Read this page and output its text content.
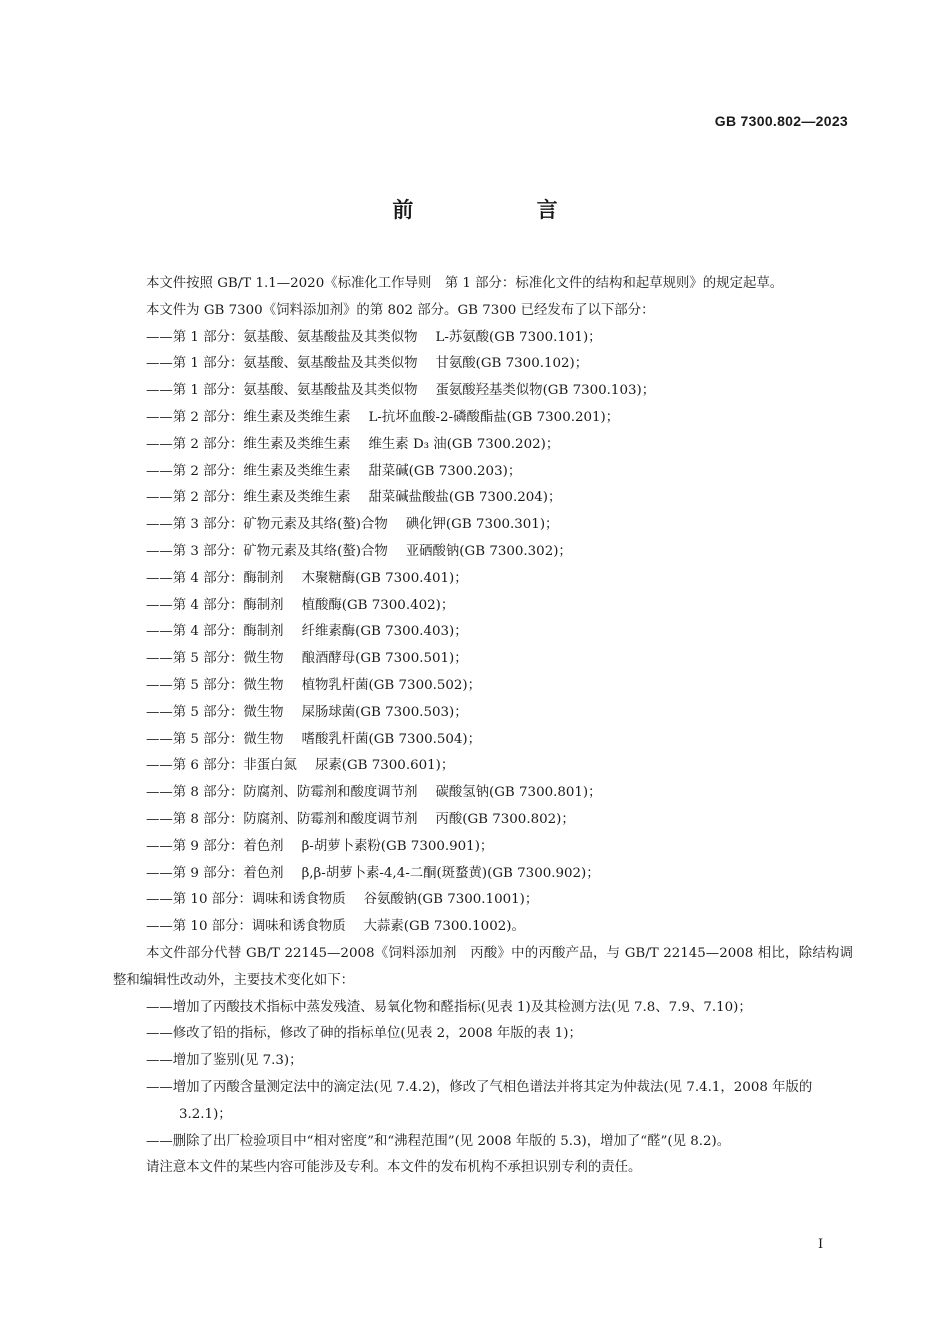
GB 7300.802—2023
前 言

本文件按照 GB/T 1.1—2020《标准化工作导则　第 1 部分：标准化文件的结构和起草规则》的规定起草。

本文件为 GB 7300《饲料添加剂》的第 802 部分。GB 7300 已经发布了以下部分：

——第 1 部分：氨基酸、氨基酸盐及其类似物 L-苏氨酸(GB 7300.101)；

——第 1 部分：氨基酸、氨基酸盐及其类似物 甘氨酸(GB 7300.102)；

——第 1 部分：氨基酸、氨基酸盐及其类似物 蛋氨酸羟基类似物(GB 7300.103)；

——第 2 部分：维生素及类维生素 L-抗坏血酸-2-磷酸酯盐(GB 7300.201)；

——第 2 部分：维生素及类维生素 维生素 D₃ 油(GB 7300.202)；

——第 2 部分：维生素及类维生素 甜菜碱(GB 7300.203)；

——第 2 部分：维生素及类维生素 甜菜碱盐酸盐(GB 7300.204)；

——第 3 部分：矿物元素及其络(螯)合物 碘化钾(GB 7300.301)；

——第 3 部分：矿物元素及其络(螯)合物 亚硒酸钠(GB 7300.302)；

——第 4 部分：酶制剂 木聚糖酶(GB 7300.401)；

——第 4 部分：酶制剂 植酸酶(GB 7300.402)；

——第 4 部分：酶制剂 纤维素酶(GB 7300.403)；

——第 5 部分：微生物 酿酒酵母(GB 7300.501)；

——第 5 部分：微生物 植物乳杆菌(GB 7300.502)；

——第 5 部分：微生物 屎肠球菌(GB 7300.503)；

——第 5 部分：微生物 嗜酸乳杆菌(GB 7300.504)；

——第 6 部分：非蛋白氮 尿素(GB 7300.601)；

——第 8 部分：防腐剂、防霉剂和酸度调节剂 碳酸氢钠(GB 7300.801)；

——第 8 部分：防腐剂、防霉剂和酸度调节剂 丙酸(GB 7300.802)；

——第 9 部分：着色剂 β-胡萝卜素粉(GB 7300.901)；

——第 9 部分：着色剂 β,β-胡萝卜素-4,4-二酮(斑蝥黄)(GB 7300.902)；

——第 10 部分：调味和诱食物质 谷氨酸钠(GB 7300.1001)；

——第 10 部分：调味和诱食物质 大蒜素(GB 7300.1002)。

本文件部分代替 GB/T 22145—2008《饲料添加剂　丙酸》中的丙酸产品，与 GB/T 22145—2008 相比，除结构调整和编辑性改动外，主要技术变化如下：

——增加了丙酸技术指标中蒸发残渣、易氧化物和醛指标(见表 1)及其检测方法(见 7.8、7.9、7.10)；

——修改了铅的指标，修改了砷的指标单位(见表 2，2008 年版的表 1)；

——增加了鉴别(见 7.3)；

——增加了丙酸含量测定法中的滴定法(见 7.4.2)，修改了气相色谱法并将其定为仲裁法(见 7.4.1，2008 年版的 3.2.1)；

——删除了出厂检验项目中“相对密度”和“沸程范围”(见 2008 年版的 5.3)，增加了“醛”(见 8.2)。

请注意本文件的某些内容可能涉及专利。本文件的发布机构不承担识别专利的责任。

Ⅰ
